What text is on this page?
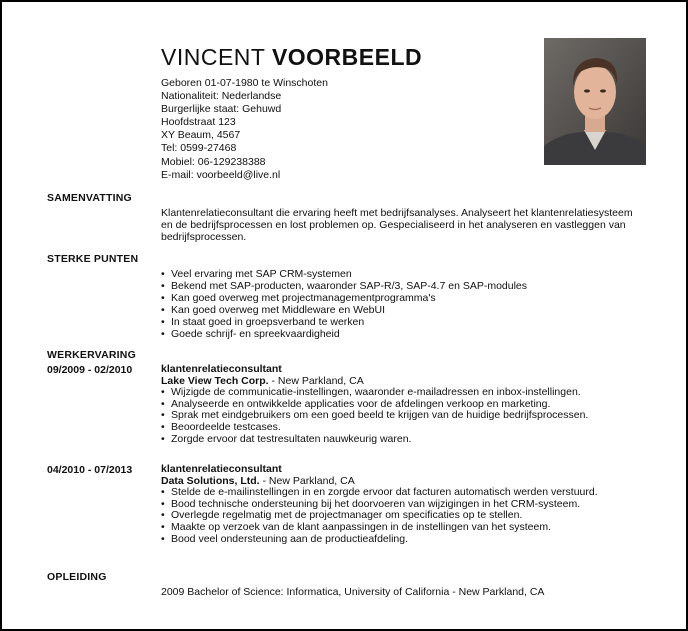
VINCENT VOORBEELD
Geboren 01-07-1980 te Winschoten
Nationaliteit: Nederlandse
Burgerlijke staat: Gehuwd
Hoofdstraat 123
XY Beaum, 4567
Tel: 0599-27468
Mobiel: 06-129238388
E-mail: voorbeeld@live.nl
SAMENVATTING
Klantenrelatieconsultant die ervaring heeft met bedrijfsanalyses. Analyseert het klantenrelatiesysteem en de bedrijfsprocessen en lost problemen op. Gespecialiseerd in het analyseren en vastleggen van bedrijfsprocessen.
STERKE PUNTEN
• Veel ervaring met SAP CRM-systemen
• Bekend met SAP-producten, waaronder SAP-R/3, SAP-4.7 en SAP-modules
• Kan goed overweg met projectmanagementprogramma's
• Kan goed overweg met Middleware en WebUI
• In staat goed in groepsverband te werken
• Goede schrijf- en spreekvaardigheid
WERKERVARING
09/2009 - 02/2010	klantenrelatieconsultant
Lake View Tech Corp. - New Parkland, CA
• Wijzigde de communicatie-instellingen, waaronder e-mailadressen en inbox-instellingen.
• Analyseerde en ontwikkelde applicaties voor de afdelingen verkoop en marketing.
• Sprak met eindgebruikers om een goed beeld te krijgen van de huidige bedrijfsprocessen.
• Beoordeelde testcases.
• Zorgde ervoor dat testresultaten nauwkeurig waren.
04/2010 - 07/2013	klantenrelatieconsultant
Data Solutions, Ltd. - New Parkland, CA
• Stelde de e-mailinstellingen in en zorgde ervoor dat facturen automatisch werden verstuurd.
• Bood technische ondersteuning bij het doorvoeren van wijzigingen in het CRM-systeem.
• Overlegde regelmatig met de projectmanager om specificaties op te stellen.
• Maakte op verzoek van de klant aanpassingen in de instellingen van het systeem.
• Bood veel ondersteuning aan de productieafdeling.
OPLEIDING
2009 Bachelor of Science: Informatica, University of California - New Parkland, CA
